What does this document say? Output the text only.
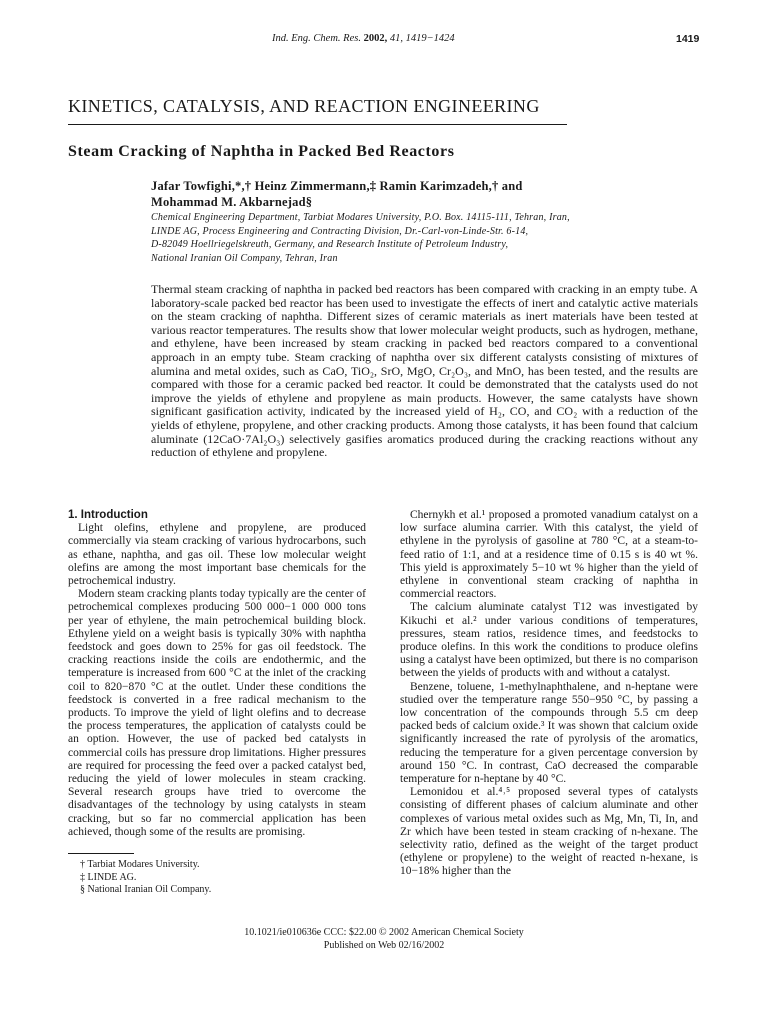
Ind. Eng. Chem. Res. 2002, 41, 1419−1424	1419
KINETICS, CATALYSIS, AND REACTION ENGINEERING
Steam Cracking of Naphtha in Packed Bed Reactors
Jafar Towfighi,*,† Heinz Zimmermann,‡ Ramin Karimzadeh,† and
Mohammad M. Akbarnejad§
Chemical Engineering Department, Tarbiat Modares University, P.O. Box. 14115-111, Tehran, Iran,
LINDE AG, Process Engineering and Contracting Division, Dr.-Carl-von-Linde-Str. 6-14,
D-82049 Hoellriegelskreuth, Germany, and Research Institute of Petroleum Industry,
National Iranian Oil Company, Tehran, Iran
Thermal steam cracking of naphtha in packed bed reactors has been compared with cracking in an empty tube. A laboratory-scale packed bed reactor has been used to investigate the effects of inert and catalytic active materials on the steam cracking of naphtha. Different sizes of ceramic materials as inert materials have been tested at various reactor temperatures. The results show that lower molecular weight products, such as hydrogen, methane, and ethylene, have been increased by steam cracking in packed bed reactors compared to a conventional approach in an empty tube. Steam cracking of naphtha over six different catalysts consisting of mixtures of alumina and metal oxides, such as CaO, TiO₂, SrO, MgO, Cr₂O₃, and MnO, has been tested, and the results are compared with those for a ceramic packed bed reactor. It could be demonstrated that the catalysts used do not improve the yields of ethylene and propylene as main products. However, the same catalysts have shown significant gasification activity, indicated by the increased yield of H₂, CO, and CO₂ with a reduction of the yields of ethylene, propylene, and other cracking products. Among those catalysts, it has been found that calcium aluminate (12CaO·7Al₂O₃) selectively gasifies aromatics produced during the cracking reactions without any reduction of ethylene and propylene.

1. Introduction

Light olefins, ethylene and propylene, are produced commercially via steam cracking of various hydrocarbons, such as ethane, naphtha, and gas oil. These low molecular weight olefins are among the most important base chemicals for the petrochemical industry.

Modern steam cracking plants today typically are the center of petrochemical complexes producing 500 000−1 000 000 tons per year of ethylene, the main petrochemical building block. Ethylene yield on a weight basis is typically 30% with naphtha feedstock and goes down to 25% for gas oil feedstock. The cracking reactions inside the coils are endothermic, and the temperature is increased from 600 °C at the inlet of the cracking coil to 820−870 °C at the outlet. Under these conditions the feedstock is converted in a free radical mechanism to the products. To improve the yield of light olefins and to decrease the process temperatures, the application of catalysts could be an option. However, the use of packed bed catalysts in commercial coils has pressure drop limitations. Higher pressures are required for processing the feed over a packed catalyst bed, reducing the yield of lower molecules in steam cracking. Several research groups have tried to overcome the disadvantages of the technology by using catalysts in steam cracking, but so far no commercial application has been achieved, though some of the results are promising.

Chernykh et al.¹ proposed a promoted vanadium catalyst on a low surface alumina carrier. With this catalyst, the yield of ethylene in the pyrolysis of gasoline at 780 °C, at a steam-to-feed ratio of 1:1, and at a residence time of 0.15 s is 40 wt %. This yield is approximately 5−10 wt % higher than the yield of ethylene in conventional steam cracking of naphtha in commercial reactors.

The calcium aluminate catalyst T12 was investigated by Kikuchi et al.² under various conditions of temperatures, pressures, steam ratios, residence times, and feedstocks to produce olefins. In this work the conditions to produce olefins using a catalyst have been optimized, but there is no comparison between the yields of products with and without a catalyst.

Benzene, toluene, 1-methylnaphthalene, and n-heptane were studied over the temperature range 550−950 °C, by passing a low concentration of the compounds through 5.5 cm deep packed beds of calcium oxide.³ It was shown that calcium oxide significantly increased the rate of pyrolysis of the aromatics, reducing the temperature for a given percentage conversion by around 150 °C. In contrast, CaO decreased the comparable temperature for n-heptane by 40 °C.

Lemonidou et al.⁴˒⁵ proposed several types of catalysts consisting of different phases of calcium aluminate and other complexes of various metal oxides such as Mg, Mn, Ti, In, and Zr which have been tested in steam cracking of n-hexane. The selectivity ratio, defined as the weight of the target product (ethylene or propylene) to the weight of reacted n-hexane, is 10−18% higher than the

† Tarbiat Modares University.
‡ LINDE AG.
§ National Iranian Oil Company.
10.1021/ie010636e CCC: $22.00 © 2002 American Chemical Society
Published on Web 02/16/2002
